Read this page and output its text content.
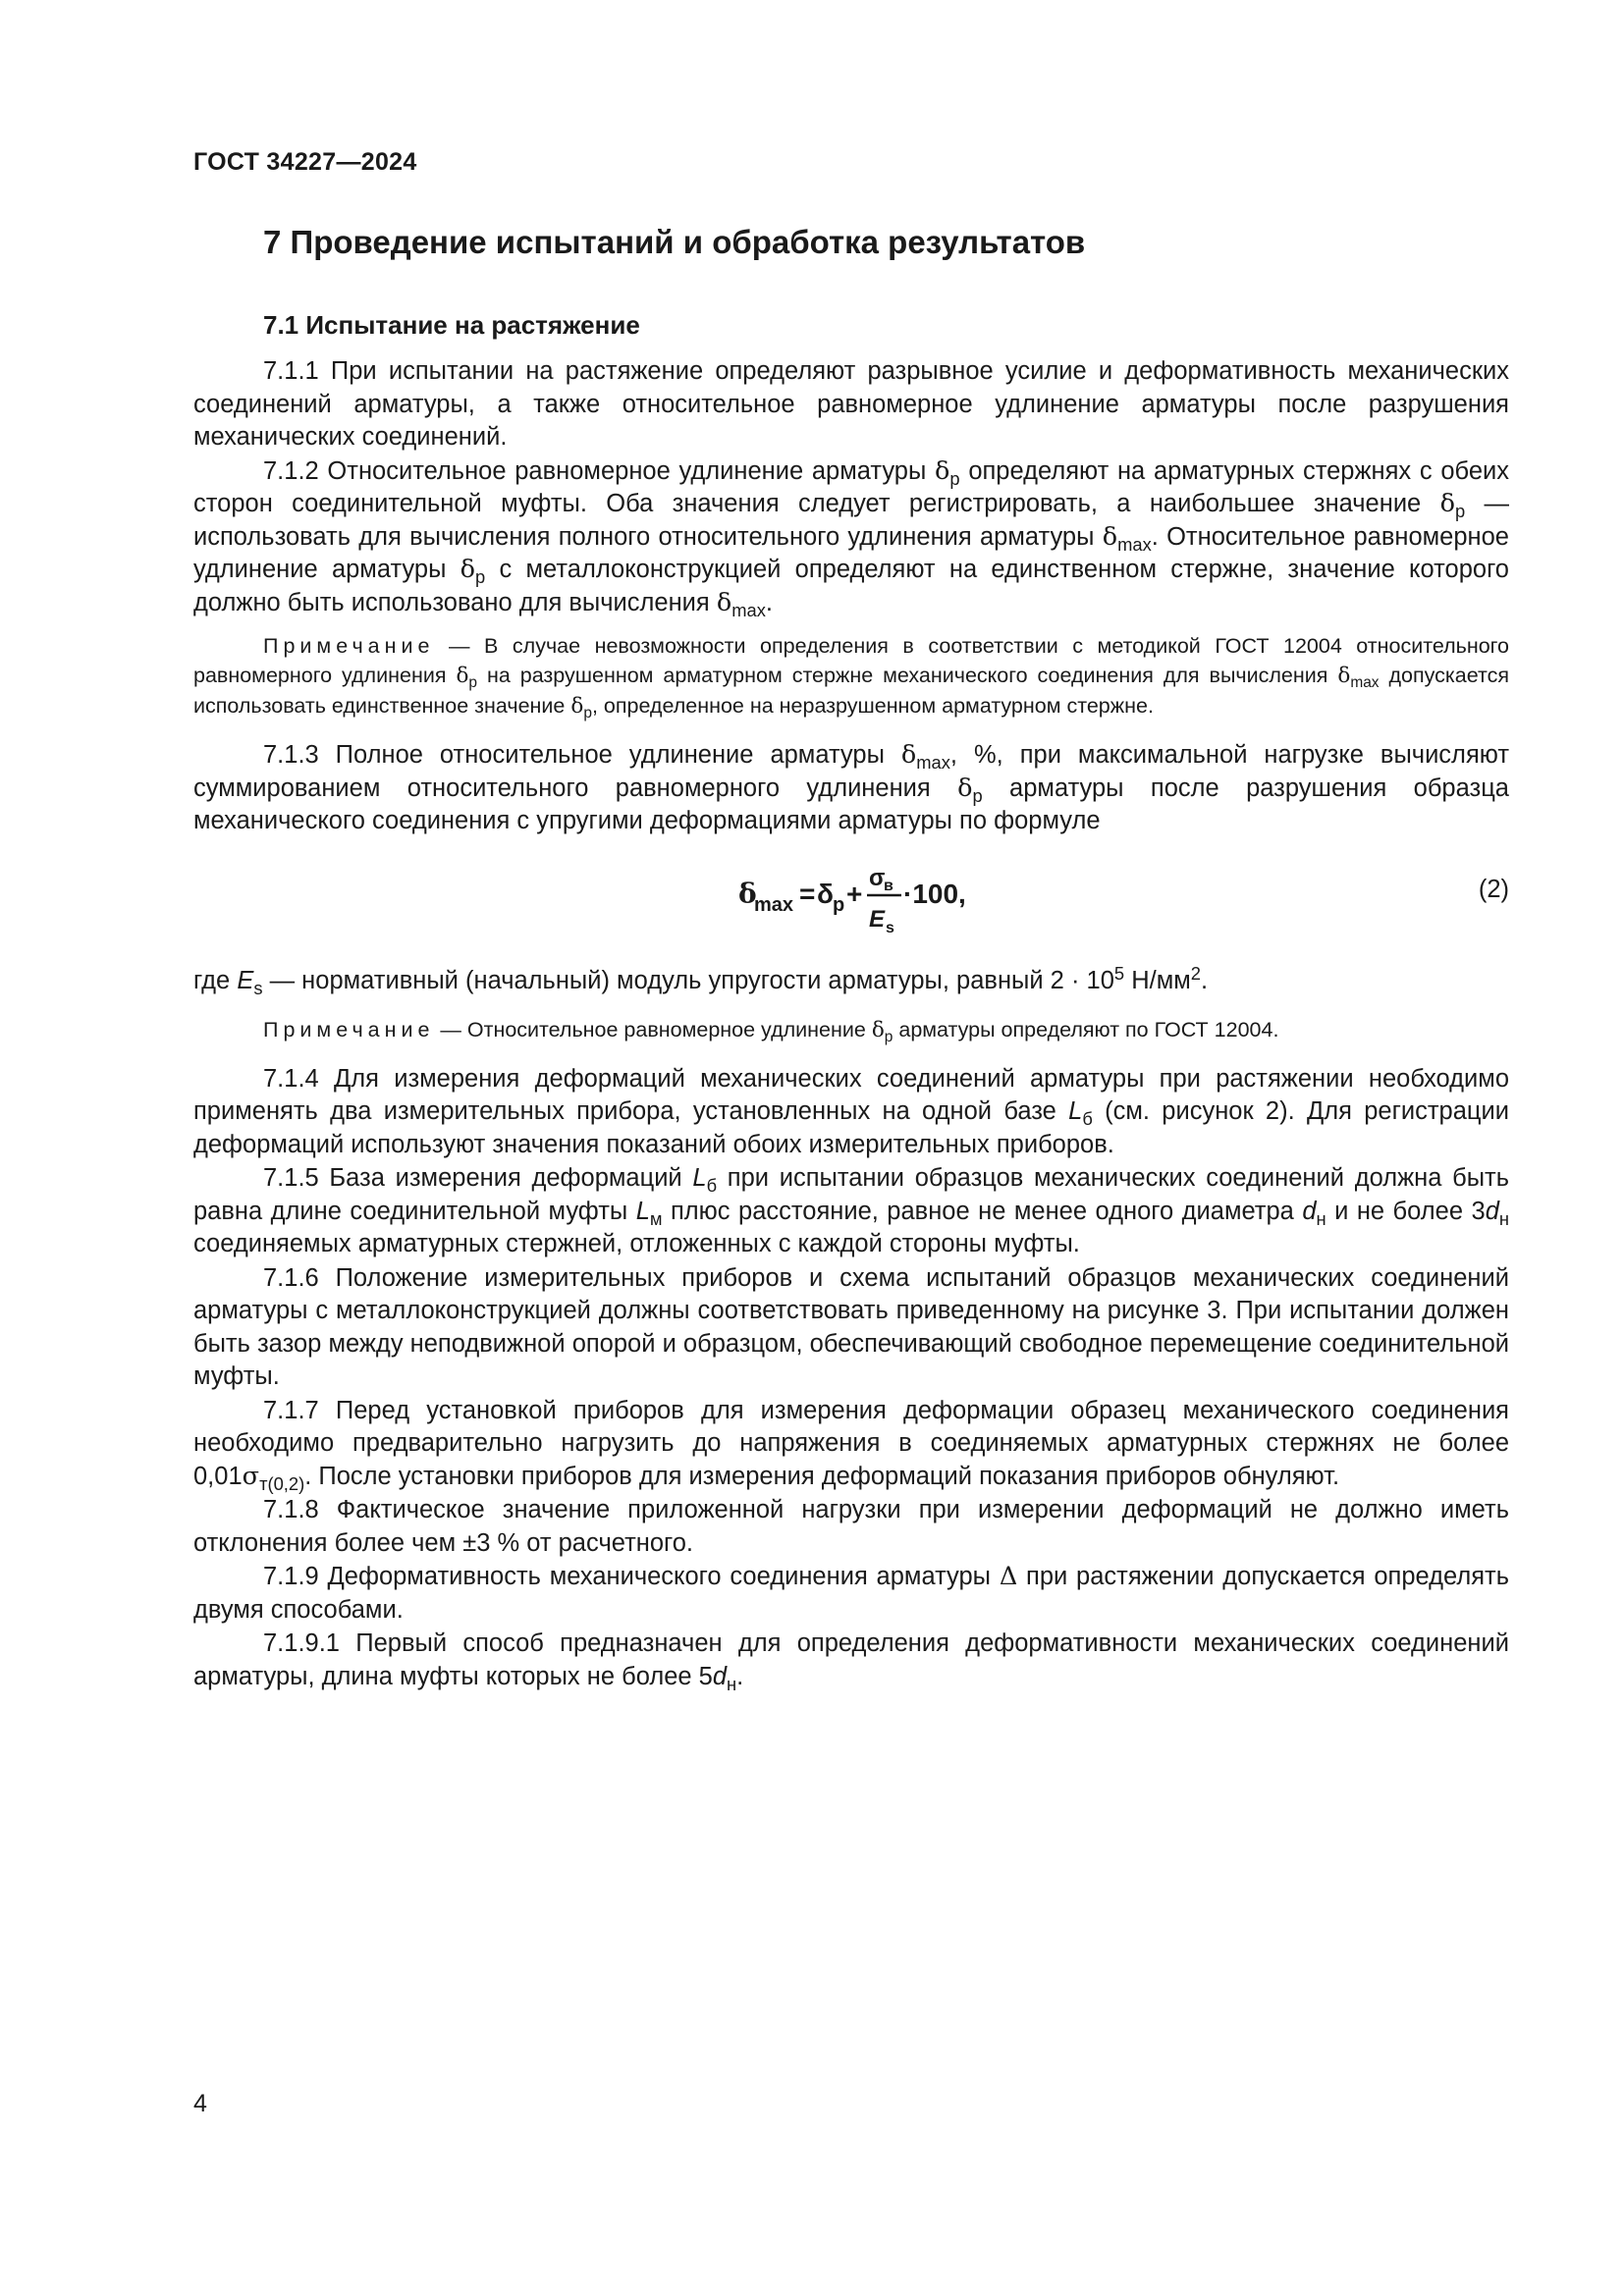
ГОСТ 34227—2024
7 Проведение испытаний и обработка результатов
7.1 Испытание на растяжение

7.1.1 При испытании на растяжение определяют разрывное усилие и деформативность механических соединений арматуры, а также относительное равномерное удлинение арматуры после разрушения механических соединений.

7.1.2 Относительное равномерное удлинение арматуры $\delta_p$ определяют на арматурных стержнях с обеих сторон соединительной муфты. Оба значения следует регистрировать, а наибольшее значение $\delta_p$ — использовать для вычисления полного относительного удлинения арматуры $\delta_{max}$. Относительное равномерное удлинение арматуры $\delta_p$ с металлоконструкцией определяют на единственном стержне, значение которого должно быть использовано для вычисления $\delta_{max}$.

Примечание — В случае невозможности определения в соответствии с методикой ГОСТ 12004 относительного равномерного удлинения $\delta_p$ на разрушенном арматурном стержне механического соединения для вычисления $\delta_{max}$ допускается использовать единственное значение $\delta_p$, определенное на неразрушенном арматурном стержне.

7.1.3 Полное относительное удлинение арматуры $\delta_{max}$, %, при максимальной нагрузке вычисляют суммированием относительного равномерного удлинения $\delta_p$ арматуры после разрушения образца механического соединения с упругими деформациями арматуры по формуле

δ
max = δ p +
σ
в
E s
·100,	(2)

где $E_s$ — нормативный (начальный) модуль упругости арматуры, равный $2 \cdot 10^5$ $Н/мм^2$.

Примечание — Относительное равномерное удлинение $\delta_p$ арматуры определяют по ГОСТ 12004.

7.1.4 Для измерения деформаций механических соединений арматуры при растяжении необходимо применять два измерительных прибора, установленных на одной базе $L_б$ (см. рисунок 2). Для регистрации деформаций используют значения показаний обоих измерительных приборов.

7.1.5 База измерения деформаций $L_б$ при испытании образцов механических соединений должна быть равна длине соединительной муфты $L_м$ плюс расстояние, равное не менее одного диаметра $d_н$ и не более $3d_н$ соединяемых арматурных стержней, отложенных с каждой стороны муфты.

7.1.6 Положение измерительных приборов и схема испытаний образцов механических соединений арматуры с металлоконструкцией должны соответствовать приведенному на рисунке 3. При испытании должен быть зазор между неподвижной опорой и образцом, обеспечивающий свободное перемещение соединительной муфты.

7.1.7 Перед установкой приборов для измерения деформации образец механического соединения необходимо предварительно нагрузить до напряжения в соединяемых арматурных стержнях не более $0,01\sigma_{т(0,2)}$. После установки приборов для измерения деформаций показания приборов обнуляют.

7.1.8 Фактическое значение приложенной нагрузки при измерении деформаций не должно иметь отклонения более чем ±3 % от расчетного.

7.1.9 Деформативность механического соединения арматуры Δ при растяжении допускается определять двумя способами.

7.1.9.1 Первый способ предназначен для определения деформативности механических соединений арматуры, длина муфты которых не более $5d_н$.

4
